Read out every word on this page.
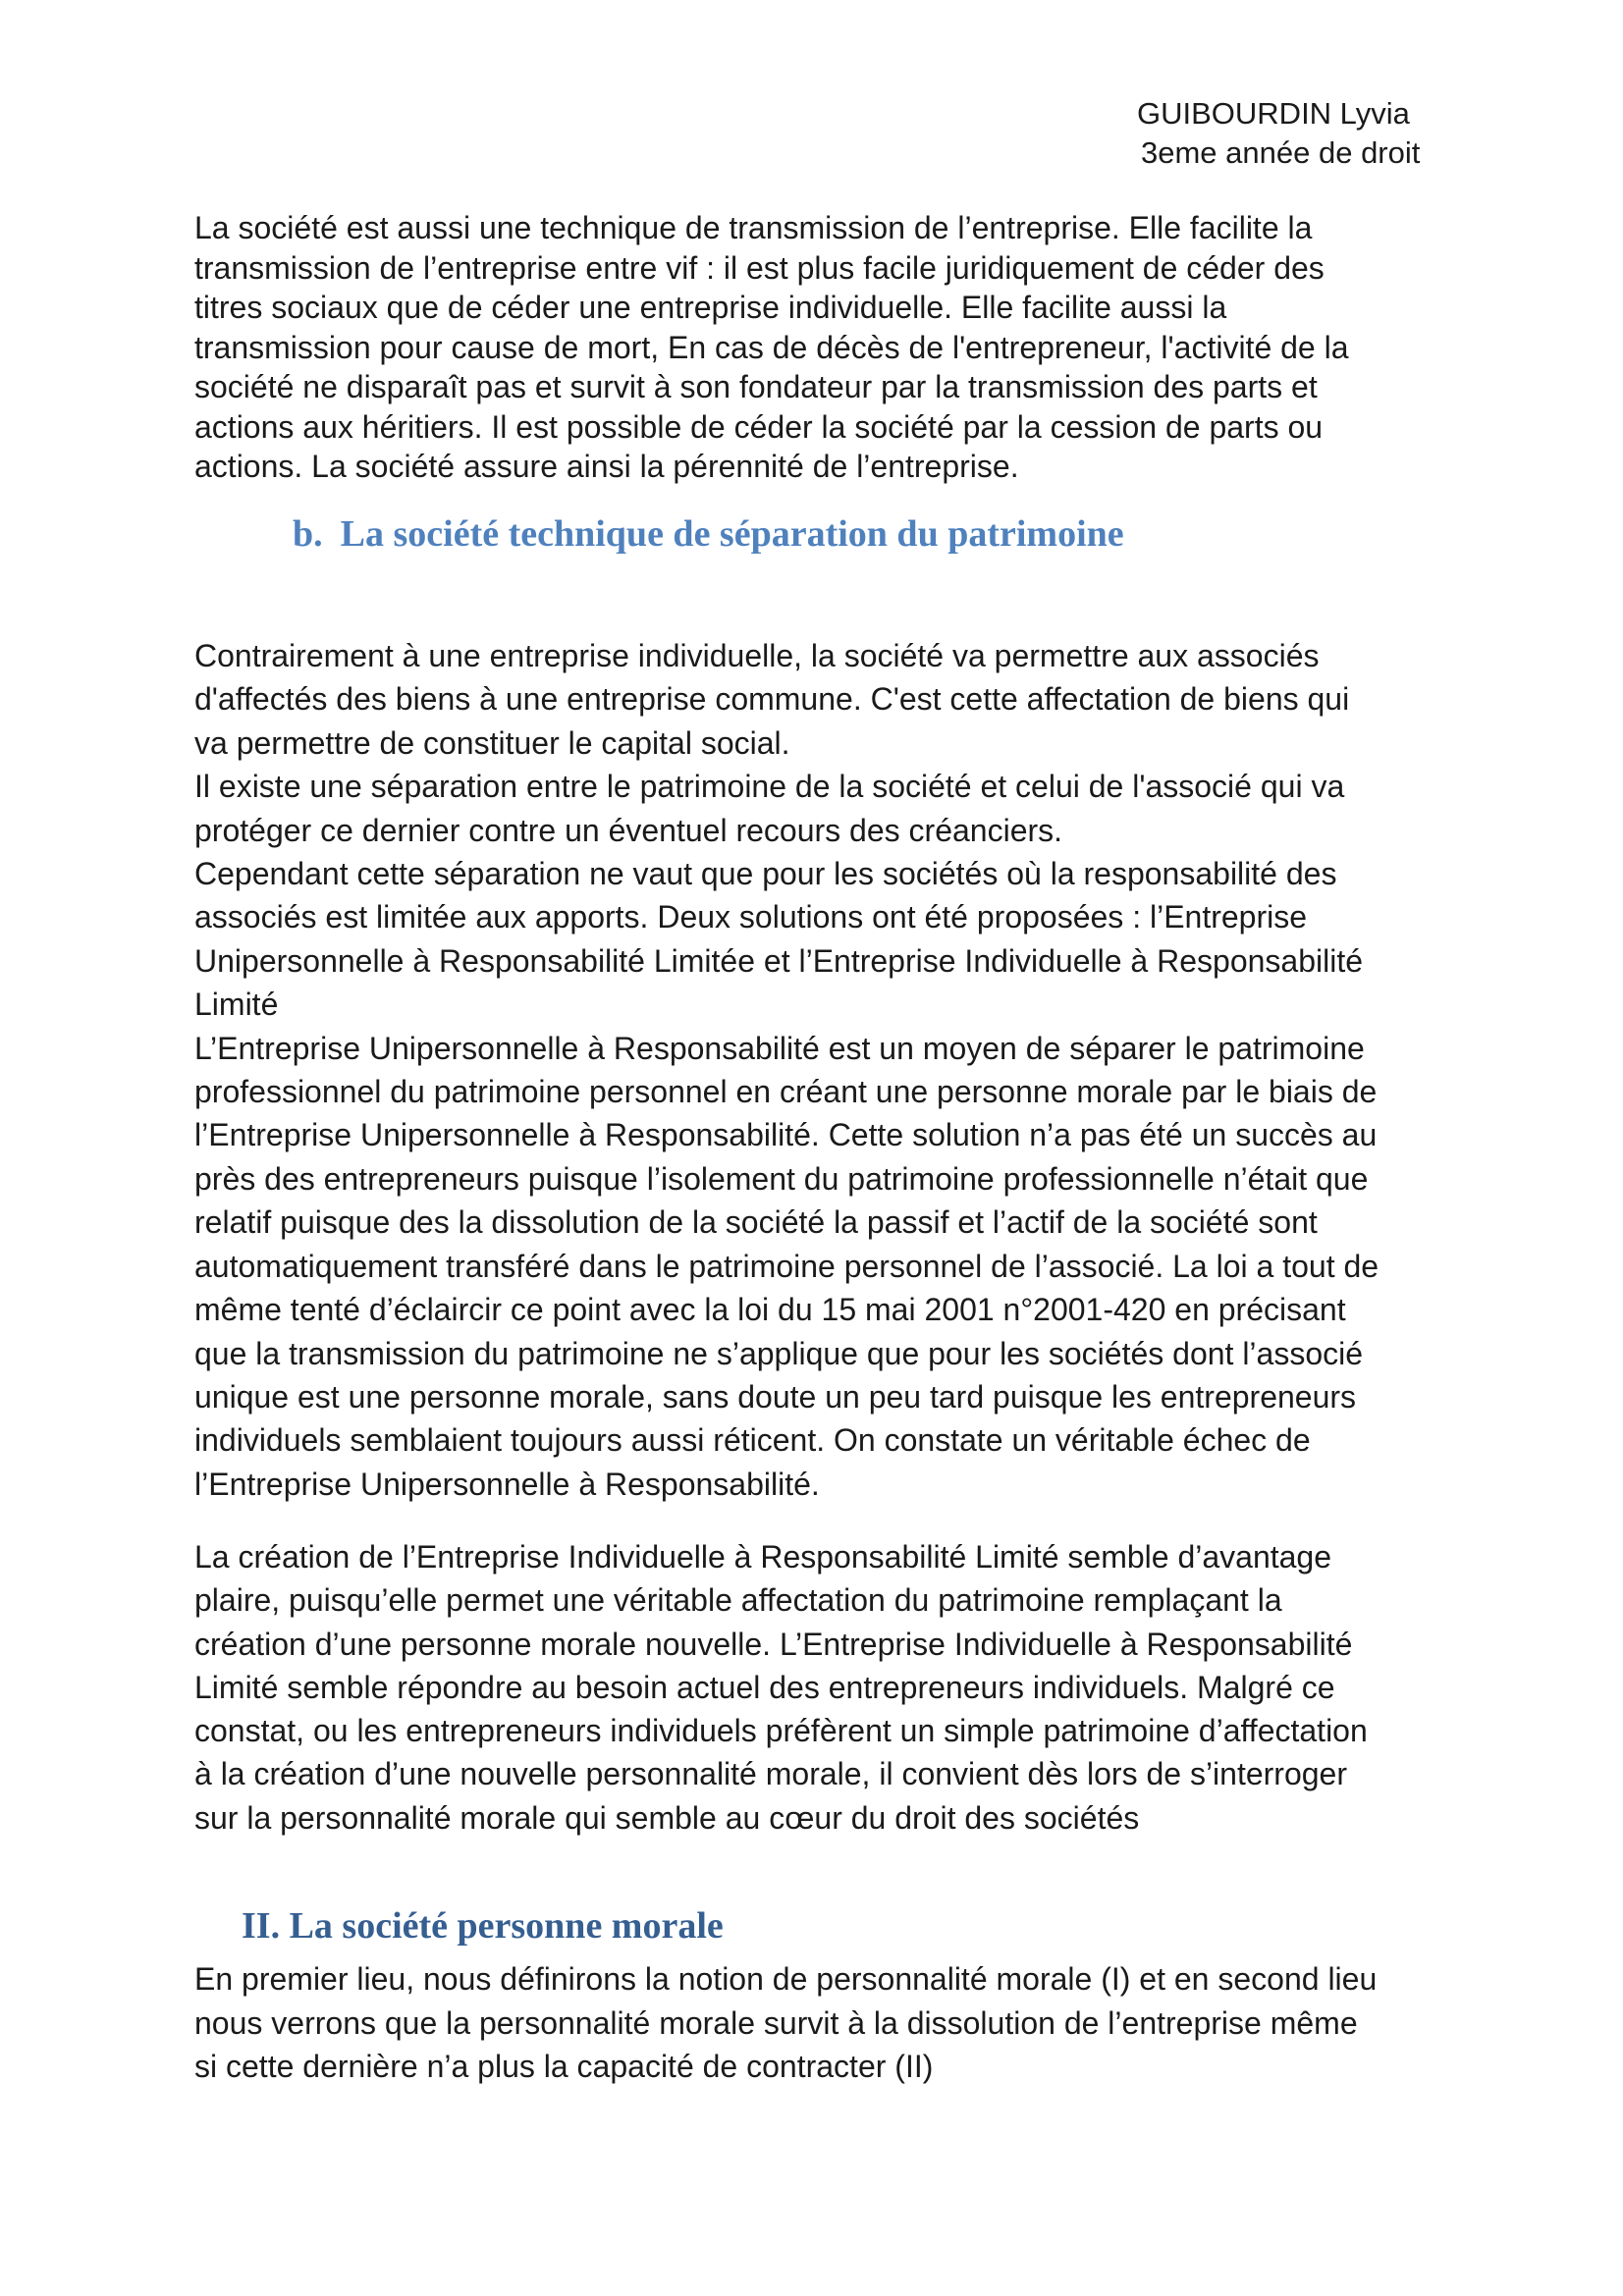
GUIBOURDIN Lyvia
3eme année de droit

La société est aussi une technique de transmission de l’entreprise. Elle facilite la
transmission de l’entreprise entre vif : il est plus facile juridiquement de céder des
titres sociaux que de céder une entreprise individuelle. Elle facilite aussi la
transmission pour cause de mort, En cas de décès de l'entrepreneur, l'activité de la
société ne disparaît pas et survit à son fondateur par la transmission des parts et
actions aux héritiers. Il est possible de céder la société par la cession de parts ou
actions. La société assure ainsi la pérennité de l’entreprise.

b. La société technique de séparation du patrimoine

Contrairement à une entreprise individuelle, la société va permettre aux associés
d'affectés des biens à une entreprise commune. C'est cette affectation de biens qui
va permettre de constituer le capital social.
Il existe une séparation entre le patrimoine de la société et celui de l'associé qui va
protéger ce dernier contre un éventuel recours des créanciers.
Cependant cette séparation ne vaut que pour les sociétés où la responsabilité des
associés est limitée aux apports. Deux solutions ont été proposées : l’Entreprise
Unipersonnelle à Responsabilité Limitée et l’Entreprise Individuelle à Responsabilité
Limité
L’Entreprise Unipersonnelle à Responsabilité est un moyen de séparer le patrimoine
professionnel du patrimoine personnel en créant une personne morale par le biais de
l’Entreprise Unipersonnelle à Responsabilité. Cette solution n’a pas été un succès au
près des entrepreneurs puisque l’isolement du patrimoine professionnelle n’était que
relatif puisque des la dissolution de la société la passif et l’actif de la société sont
automatiquement transféré dans le patrimoine personnel de l’associé. La loi a tout de
même tenté d’éclaircir ce point avec la loi du 15 mai 2001 n°2001-420 en précisant
que la transmission du patrimoine ne s’applique que pour les sociétés dont l’associé
unique est une personne morale, sans doute un peu tard puisque les entrepreneurs
individuels semblaient toujours aussi réticent. On constate un véritable échec de
l’Entreprise Unipersonnelle à Responsabilité.

La création de l’Entreprise Individuelle à Responsabilité Limité semble d’avantage
plaire, puisqu’elle permet une véritable affectation du patrimoine remplaçant la
création d’une personne morale nouvelle. L’Entreprise Individuelle à Responsabilité
Limité semble répondre au besoin actuel des entrepreneurs individuels. Malgré ce
constat, ou les entrepreneurs individuels préfèrent un simple patrimoine d’affectation
à la création d’une nouvelle personnalité morale, il convient dès lors de s’interroger
sur la personnalité morale qui semble au cœur du droit des sociétés

II. La société personne morale

En premier lieu, nous définirons la notion de personnalité morale (I) et en second lieu
nous verrons que la personnalité morale survit à la dissolution de l’entreprise même
si cette dernière n’a plus la capacité de contracter (II)
